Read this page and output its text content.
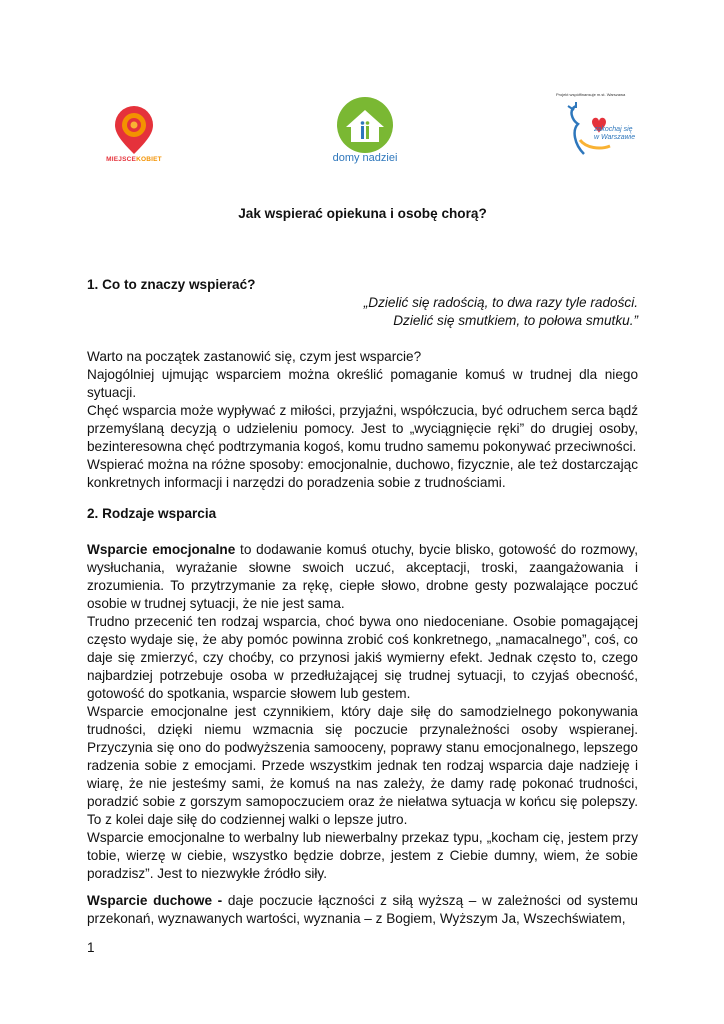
MIEJSCEKOBIET	domy nadziei
Projekt współfinansuje m.st. Warszawa
zakochaj się
w Warszawie
Jak wspierać opiekuna i osobę chorą?
1. Co to znaczy wspierać?
„Dzielić się radością, to dwa razy tyle radości.
Dzielić się smutkiem, to połowa smutku.”
Warto na początek zastanowić się, czym jest wsparcie?
Najogólniej ujmując wsparciem można określić pomaganie komuś w trudnej dla niego sytuacji.
Chęć wsparcia może wypływać z miłości, przyjaźni, współczucia, być odruchem serca bądź przemyślaną decyzją o udzieleniu pomocy. Jest to „wyciągnięcie ręki” do drugiej osoby, bezinteresowna chęć podtrzymania kogoś, komu trudno samemu pokonywać przeciwności.
Wspierać można na różne sposoby: emocjonalnie, duchowo, fizycznie, ale też dostarczając konkretnych informacji i narzędzi do poradzenia sobie z trudnościami.
2. Rodzaje wsparcia
Wsparcie emocjonalne to dodawanie komuś otuchy, bycie blisko, gotowość do rozmowy, wysłuchania, wyrażanie słowne swoich uczuć, akceptacji, troski, zaangażowania i zrozumienia. To przytrzymanie za rękę, ciepłe słowo, drobne gesty pozwalające poczuć osobie w trudnej sytuacji, że nie jest sama.
Trudno przecenić ten rodzaj wsparcia, choć bywa ono niedoceniane. Osobie pomagającej często wydaje się, że aby pomóc powinna zrobić coś konkretnego, „namacalnego”, coś, co daje się zmierzyć, czy choćby, co przynosi jakiś wymierny efekt. Jednak często to, czego najbardziej potrzebuje osoba w przedłużającej się trudnej sytuacji, to czyjaś obecność, gotowość do spotkania, wsparcie słowem lub gestem.
Wsparcie emocjonalne jest czynnikiem, który daje siłę do samodzielnego pokonywania trudności, dzięki niemu wzmacnia się poczucie przynależności osoby wspieranej. Przyczynia się ono do podwyższenia samooceny, poprawy stanu emocjonalnego, lepszego radzenia sobie z emocjami. Przede wszystkim jednak ten rodzaj wsparcia daje nadzieję i wiarę, że nie jesteśmy sami, że komuś na nas zależy, że damy radę pokonać trudności, poradzić sobie z gorszym samopoczuciem oraz że niełatwa sytuacja w końcu się polepszy. To z kolei daje siłę do codziennej walki o lepsze jutro.
Wsparcie emocjonalne to werbalny lub niewerbalny przekaz typu, „kocham cię, jestem przy tobie, wierzę w ciebie, wszystko będzie dobrze, jestem z Ciebie dumny, wiem, że sobie poradzisz”. Jest to niezwykłe źródło siły.
Wsparcie duchowe - daje poczucie łączności z siłą wyższą – w zależności od systemu przekonań, wyznawanych wartości, wyznania – z Bogiem, Wyższym Ja, Wszechświatem,
1
